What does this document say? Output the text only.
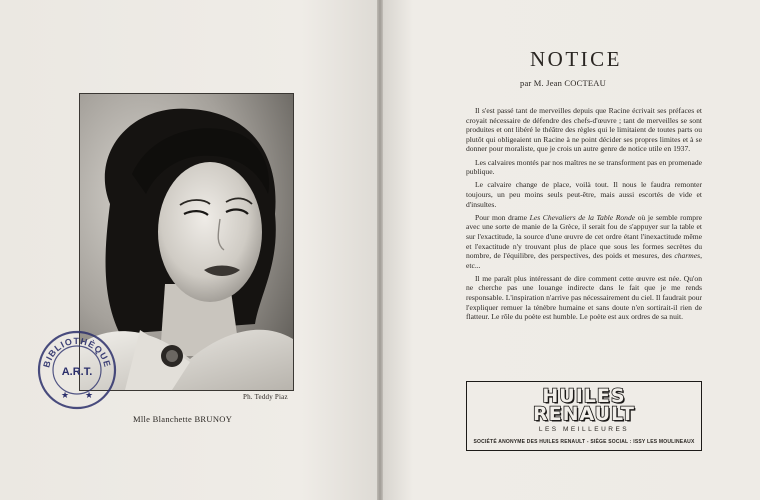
Ph. Teddy Piaz
Mlle Blanchette BRUNOY
BIBLIOTHÈQUE
A.R.T.
★ ★
NOTICE
par M. Jean COCTEAU

Il s'est passé tant de merveilles depuis que Racine écrivait ses préfaces et croyait nécessaire de défendre des chefs-d'œuvre ; tant de merveilles se sont produites et ont libéré le théâtre des règles qui le limitaient de toutes parts ou plutôt qui obligeaient un Racine à ne point décider ses propres limites et à se donner pour moraliste, que je crois un autre genre de notice utile en 1937.

Les calvaires montés par nos maîtres ne se transforment pas en promenade publique.

Le calvaire change de place, voilà tout. Il nous le faudra remonter toujours, un peu moins seuls peut-être, mais aussi escortés de vide et d'insultes.

Pour mon drame Les Chevaliers de la Table Ronde où je semble rompre avec une sorte de manie de la Grèce, il serait fou de s'appuyer sur la table et sur l'exactitude, la source d'une œuvre de cet ordre étant l'inexactitude même et l'exactitude n'y trouvant plus de place que sous les formes secrètes du nombre, de l'équilibre, des perspectives, des poids et mesures, des charmes, etc...

Il me paraît plus intéressant de dire comment cette œuvre est née. Qu'on ne cherche pas une louange indirecte dans le fait que je me rends responsable. L'inspiration n'arrive pas nécessairement du ciel. Il faudrait pour l'expliquer remuer la ténèbre humaine et sans doute n'en sortirait-il rien de flatteur. Le rôle du poète est humble. Le poète est aux ordres de sa nuit.

HUILES
RENAULT
LES MEILLEURES
SOCIÉTÉ ANONYME DES HUILES RENAULT - SIÈGE SOCIAL : ISSY LES MOULINEAUX
